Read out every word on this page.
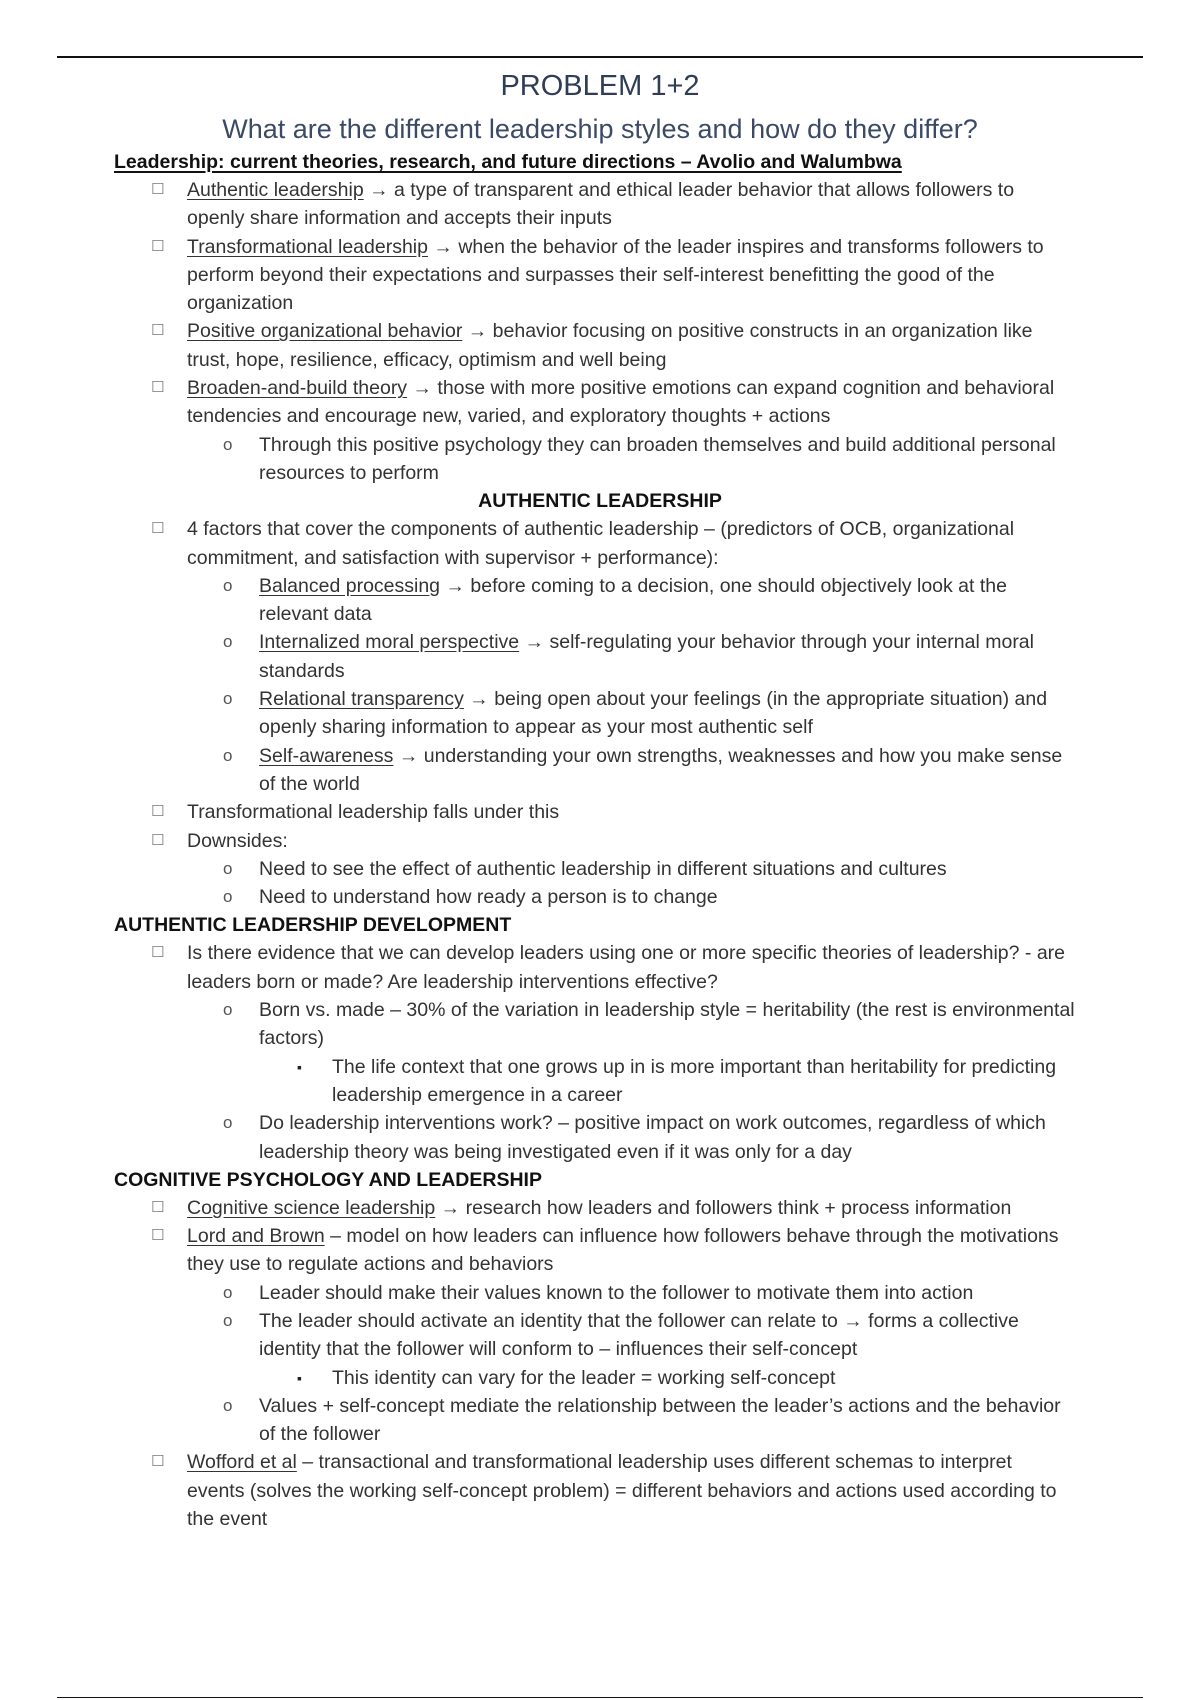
PROBLEM 1+2
What are the different leadership styles and how do they differ?
Leadership: current theories, research, and future directions – Avolio and Walumbwa
☐ Authentic leadership → a type of transparent and ethical leader behavior that allows followers to openly share information and accepts their inputs
☐ Transformational leadership → when the behavior of the leader inspires and transforms followers to perform beyond their expectations and surpasses their self-interest benefitting the good of the organization
☐ Positive organizational behavior → behavior focusing on positive constructs in an organization like trust, hope, resilience, efficacy, optimism and well being
☐ Broaden-and-build theory → those with more positive emotions can expand cognition and behavioral tendencies and encourage new, varied, and exploratory thoughts + actions
o Through this positive psychology they can broaden themselves and build additional personal resources to perform
AUTHENTIC LEADERSHIP
☐ 4 factors that cover the components of authentic leadership – (predictors of OCB, organizational commitment, and satisfaction with supervisor + performance):
o Balanced processing → before coming to a decision, one should objectively look at the relevant data
o Internalized moral perspective → self-regulating your behavior through your internal moral standards
o Relational transparency → being open about your feelings (in the appropriate situation) and openly sharing information to appear as your most authentic self
o Self-awareness → understanding your own strengths, weaknesses and how you make sense of the world
☐ Transformational leadership falls under this
☐ Downsides:
o Need to see the effect of authentic leadership in different situations and cultures
o Need to understand how ready a person is to change
AUTHENTIC LEADERSHIP DEVELOPMENT
☐ Is there evidence that we can develop leaders using one or more specific theories of leadership? - are leaders born or made? Are leadership interventions effective?
o Born vs. made – 30% of the variation in leadership style = heritability (the rest is environmental factors)
▪ The life context that one grows up in is more important than heritability for predicting leadership emergence in a career
o Do leadership interventions work? – positive impact on work outcomes, regardless of which leadership theory was being investigated even if it was only for a day
COGNITIVE PSYCHOLOGY AND LEADERSHIP
☐ Cognitive science leadership → research how leaders and followers think + process information
☐ Lord and Brown – model on how leaders can influence how followers behave through the motivations they use to regulate actions and behaviors
o Leader should make their values known to the follower to motivate them into action
o The leader should activate an identity that the follower can relate to → forms a collective identity that the follower will conform to – influences their self-concept
▪ This identity can vary for the leader = working self-concept
o Values + self-concept mediate the relationship between the leader’s actions and the behavior of the follower
☐ Wofford et al – transactional and transformational leadership uses different schemas to interpret events (solves the working self-concept problem) = different behaviors and actions used according to the event
